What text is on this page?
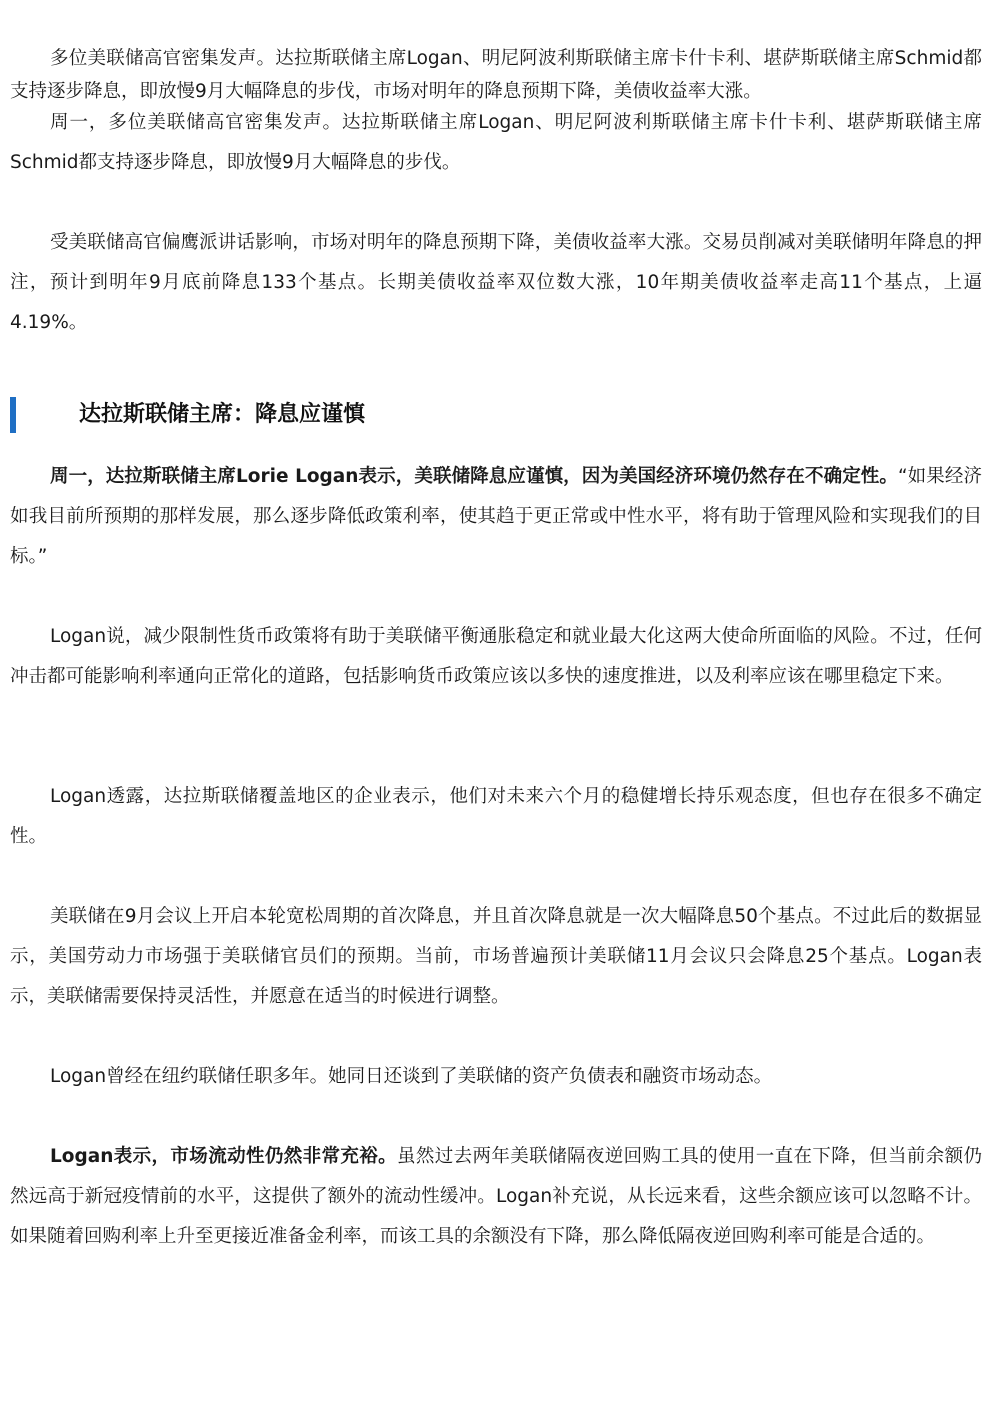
多位美联储高官密集发声。达拉斯联储主席Logan、明尼阿波利斯联储主席卡什卡利、堪萨斯联储主席Schmid都支持逐步降息，即放慢9月大幅降息的步伐，市场对明年的降息预期下降，美债收益率大涨。

周一，多位美联储高官密集发声。达拉斯联储主席Logan、明尼阿波利斯联储主席卡什卡利、堪萨斯联储主席Schmid都支持逐步降息，即放慢9月大幅降息的步伐。

受美联储高官偏鹰派讲话影响，市场对明年的降息预期下降，美债收益率大涨。交易员削减对美联储明年降息的押注，预计到明年9月底前降息133个基点。长期美债收益率双位数大涨，10年期美债收益率走高11个基点，上逼4.19%。

达拉斯联储主席：降息应谨慎

周一，达拉斯联储主席Lorie Logan表示，美联储降息应谨慎，因为美国经济环境仍然存在不确定性。“如果经济如我目前所预期的那样发展，那么逐步降低政策利率，使其趋于更正常或中性水平，将有助于管理风险和实现我们的目标。”

Logan说，减少限制性货币政策将有助于美联储平衡通胀稳定和就业最大化这两大使命所面临的风险。不过，任何冲击都可能影响利率通向正常化的道路，包括影响货币政策应该以多快的速度推进，以及利率应该在哪里稳定下来。

Logan透露，达拉斯联储覆盖地区的企业表示，他们对未来六个月的稳健增长持乐观态度，但也存在很多不确定性。

美联储在9月会议上开启本轮宽松周期的首次降息，并且首次降息就是一次大幅降息50个基点。不过此后的数据显示，美国劳动力市场强于美联储官员们的预期。当前，市场普遍预计美联储11月会议只会降息25个基点。Logan表示，美联储需要保持灵活性，并愿意在适当的时候进行调整。

Logan曾经在纽约联储任职多年。她同日还谈到了美联储的资产负债表和融资市场动态。

Logan表示，市场流动性仍然非常充裕。虽然过去两年美联储隔夜逆回购工具的使用一直在下降，但当前余额仍然远高于新冠疫情前的水平，这提供了额外的流动性缓冲。Logan补充说，从长远来看，这些余额应该可以忽略不计。如果随着回购利率上升至更接近准备金利率，而该工具的余额没有下降，那么降低隔夜逆回购利率可能是合适的。
